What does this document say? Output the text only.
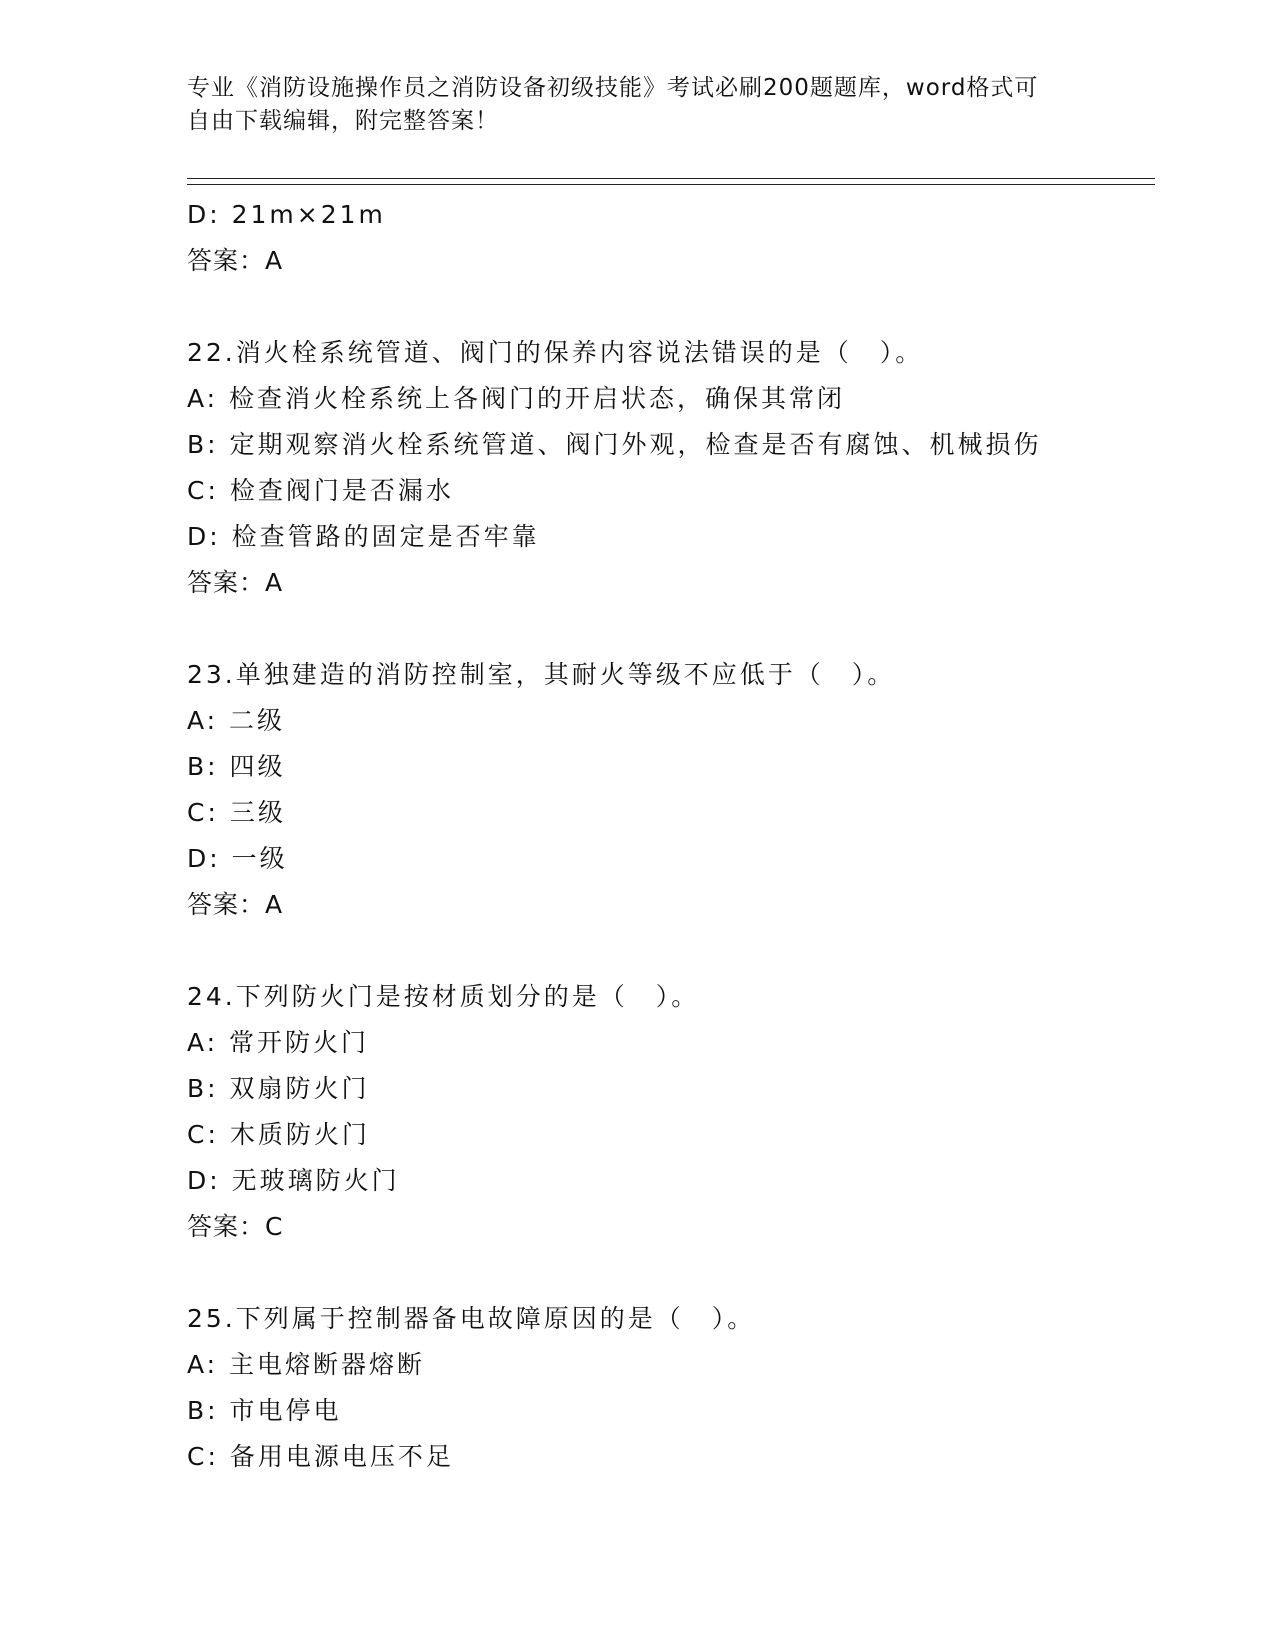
专业《消防设施操作员之消防设备初级技能》考试必刷200题题库，word格式可
自由下载编辑，附完整答案！
D: 21m×21m
答案：A
22.消火栓系统管道、阀门的保养内容说法错误的是（　）。
A: 检查消火栓系统上各阀门的开启状态，确保其常闭
B: 定期观察消火栓系统管道、阀门外观，检查是否有腐蚀、机械损伤
C: 检查阀门是否漏水
D: 检查管路的固定是否牢靠
答案：A
23.单独建造的消防控制室，其耐火等级不应低于（　）。
A: 二级
B: 四级
C: 三级
D: 一级
答案：A
24.下列防火门是按材质划分的是（　）。
A: 常开防火门
B: 双扇防火门
C: 木质防火门
D: 无玻璃防火门
答案：C
25.下列属于控制器备电故障原因的是（　）。
A: 主电熔断器熔断
B: 市电停电
C: 备用电源电压不足
